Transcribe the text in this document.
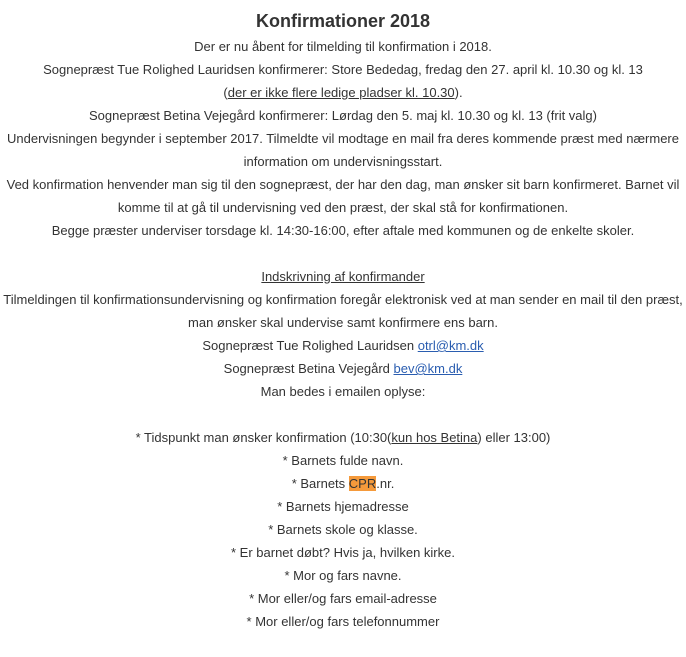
Konfirmationer 2018

Der er nu åbent for tilmelding til konfirmation i 2018.

Sognepræst Tue Rolighed Lauridsen konfirmerer: Store Bededag, fredag den 27. april kl. 10.30 og kl. 13

(der er ikke flere ledige pladser kl. 10.30).

Sognepræst Betina Vejegård konfirmerer: Lørdag den 5. maj kl. 10.30 og kl. 13 (frit valg)

Undervisningen begynder i september 2017. Tilmeldte vil modtage en mail fra deres kommende præst med nærmere

information om undervisningsstart.

Ved konfirmation henvender man sig til den sognepræst, der har den dag, man ønsker sit barn konfirmeret. Barnet vil

komme til at gå til undervisning ved den præst, der skal stå for konfirmationen.

Begge præster underviser torsdage kl. 14:30-16:00, efter aftale med kommunen og de enkelte skoler.

Indskrivning af konfirmander

Tilmeldingen til konfirmationsundervisning og konfirmation foregår elektronisk ved at man sender en mail til den præst,

man ønsker skal undervise samt konfirmere ens barn.

Sognepræst Tue Rolighed Lauridsen otrl@km.dk

Sognepræst Betina Vejegård bev@km.dk

Man bedes i emailen oplyse:

* Tidspunkt man ønsker konfirmation (10:30(kun hos Betina) eller 13:00)

* Barnets fulde navn.

* Barnets CPR.nr.

* Barnets hjemadresse

* Barnets skole og klasse.

* Er barnet døbt? Hvis ja, hvilken kirke.

* Mor og fars navne.

* Mor eller/og fars email-adresse

* Mor eller/og fars telefonnummer
